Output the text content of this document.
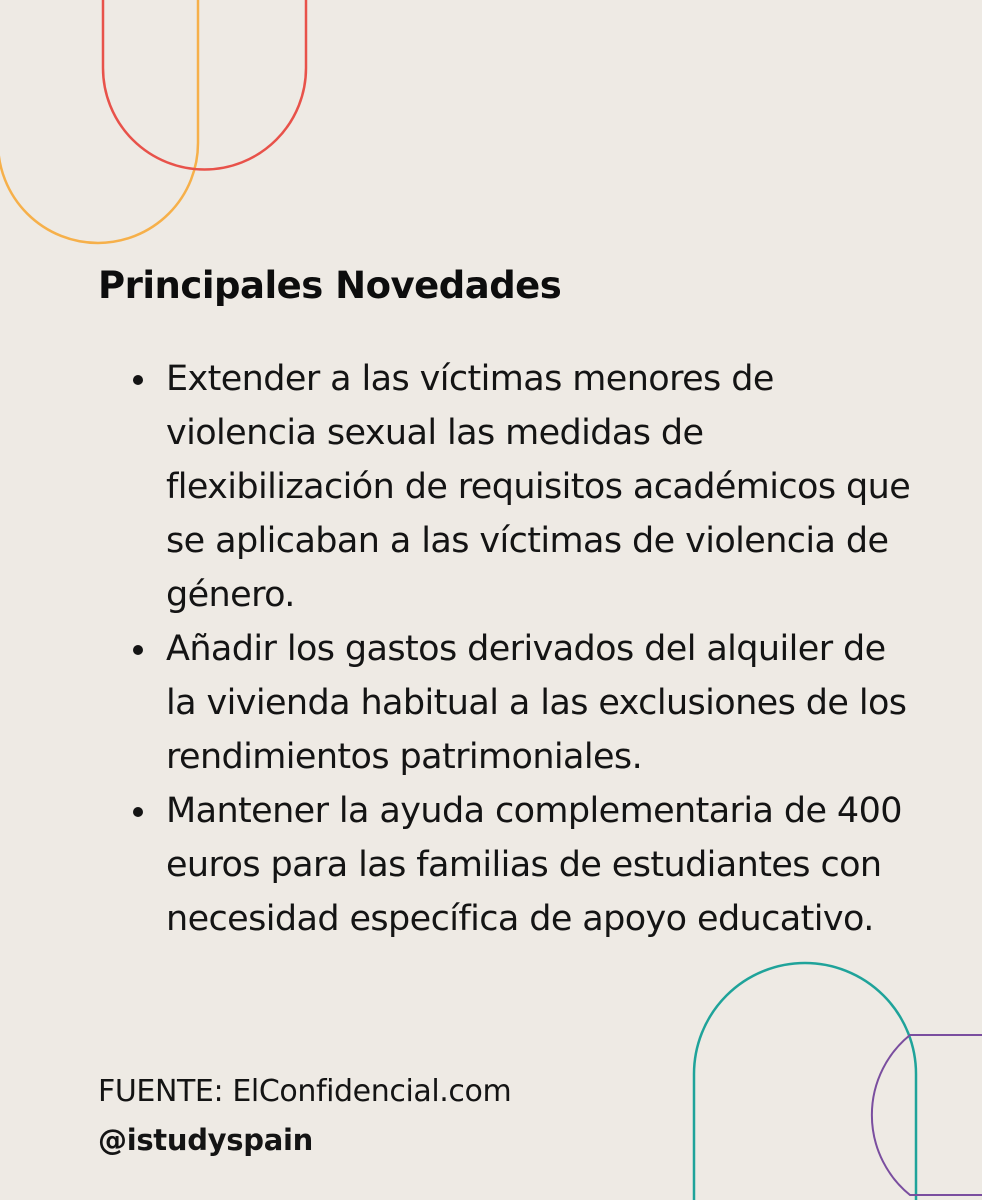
Principales Novedades
Extender a las víctimas menores de violencia sexual las medidas de flexibilización de requisitos académicos que se aplicaban a las víctimas de violencia de género.
Añadir los gastos derivados del alquiler de la vivienda habitual a las exclusiones de los rendimientos patrimoniales.
Mantener la ayuda complementaria de 400 euros para las familias de estudiantes con necesidad específica de apoyo educativo.

FUENTE: ElConfidencial.com

@istudyspain
